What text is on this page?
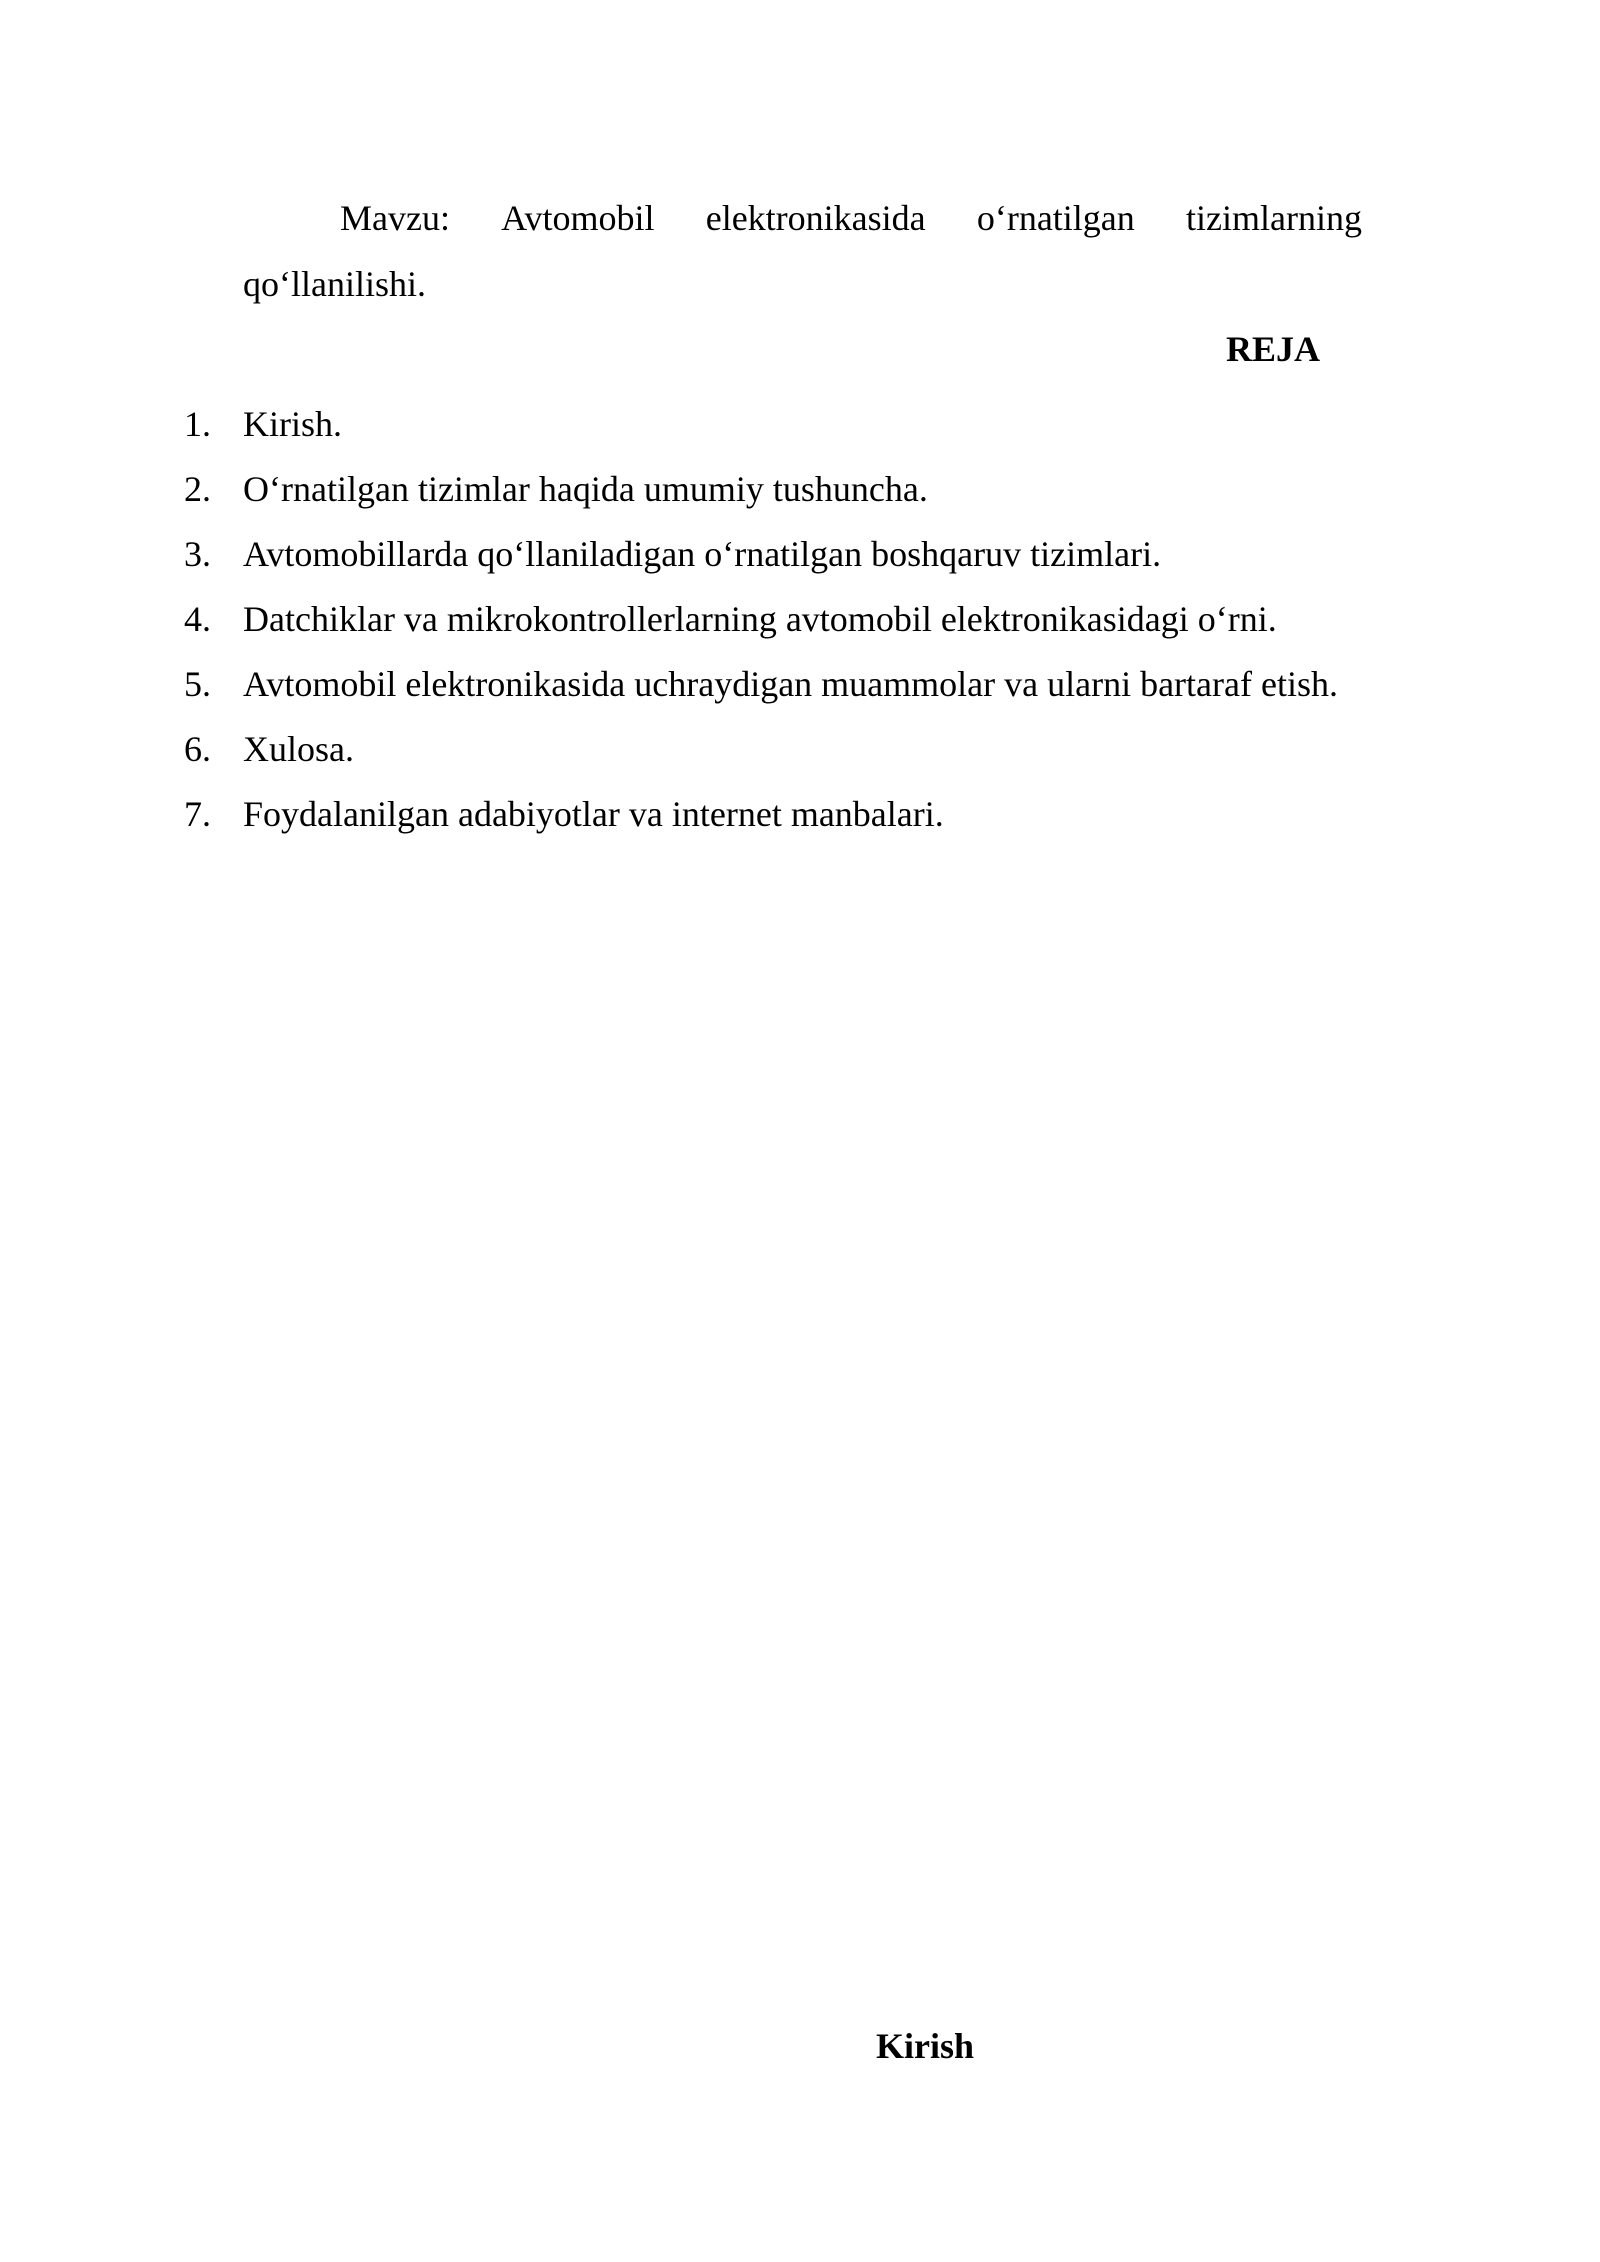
Mavzu: Avtomobil elektronikasida o‘rnatilgan tizimlarning
qo‘llanilishi.
REJA
1. Kirish.
2. O‘rnatilgan tizimlar haqida umumiy tushuncha.
3. Avtomobillarda qo‘llaniladigan o‘rnatilgan boshqaruv tizimlari.
4. Datchiklar va mikrokontrollerlarning avtomobil elektronikasidagi o‘rni.
5. Avtomobil elektronikasida uchraydigan muammolar va ularni bartaraf etish.
6. Xulosa.
7. Foydalanilgan adabiyotlar va internet manbalari.
Kirish
